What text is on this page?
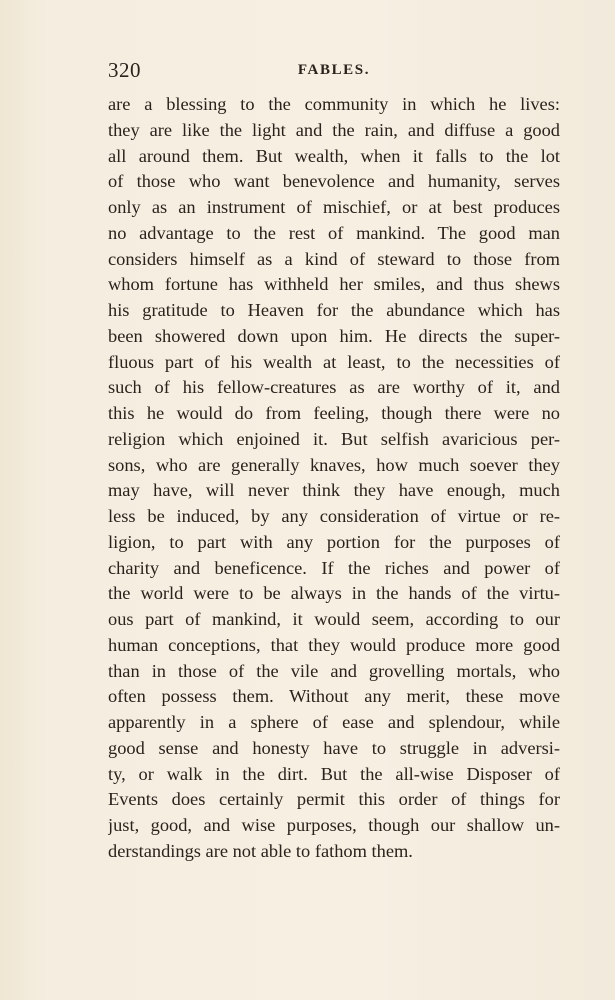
320	FABLES.
are a blessing to the community in which he lives:
they are like the light and the rain, and diffuse a good
all around them. But wealth, when it falls to the lot
of those who want benevolence and humanity, serves
only as an instrument of mischief, or at best produces
no advantage to the rest of mankind. The good man
considers himself as a kind of steward to those from
whom fortune has withheld her smiles, and thus shews
his gratitude to Heaven for the abundance which has
been showered down upon him. He directs the super-
fluous part of his wealth at least, to the necessities of
such of his fellow-creatures as are worthy of it, and
this he would do from feeling, though there were no
religion which enjoined it. But selfish avaricious per-
sons, who are generally knaves, how much soever they
may have, will never think they have enough, much
less be induced, by any consideration of virtue or re-
ligion, to part with any portion for the purposes of
charity and beneficence. If the riches and power of
the world were to be always in the hands of the virtu-
ous part of mankind, it would seem, according to our
human conceptions, that they would produce more good
than in those of the vile and grovelling mortals, who
often possess them. Without any merit, these move
apparently in a sphere of ease and splendour, while
good sense and honesty have to struggle in adversi-
ty, or walk in the dirt. But the all-wise Disposer of
Events does certainly permit this order of things for
just, good, and wise purposes, though our shallow un-
derstandings are not able to fathom them.
